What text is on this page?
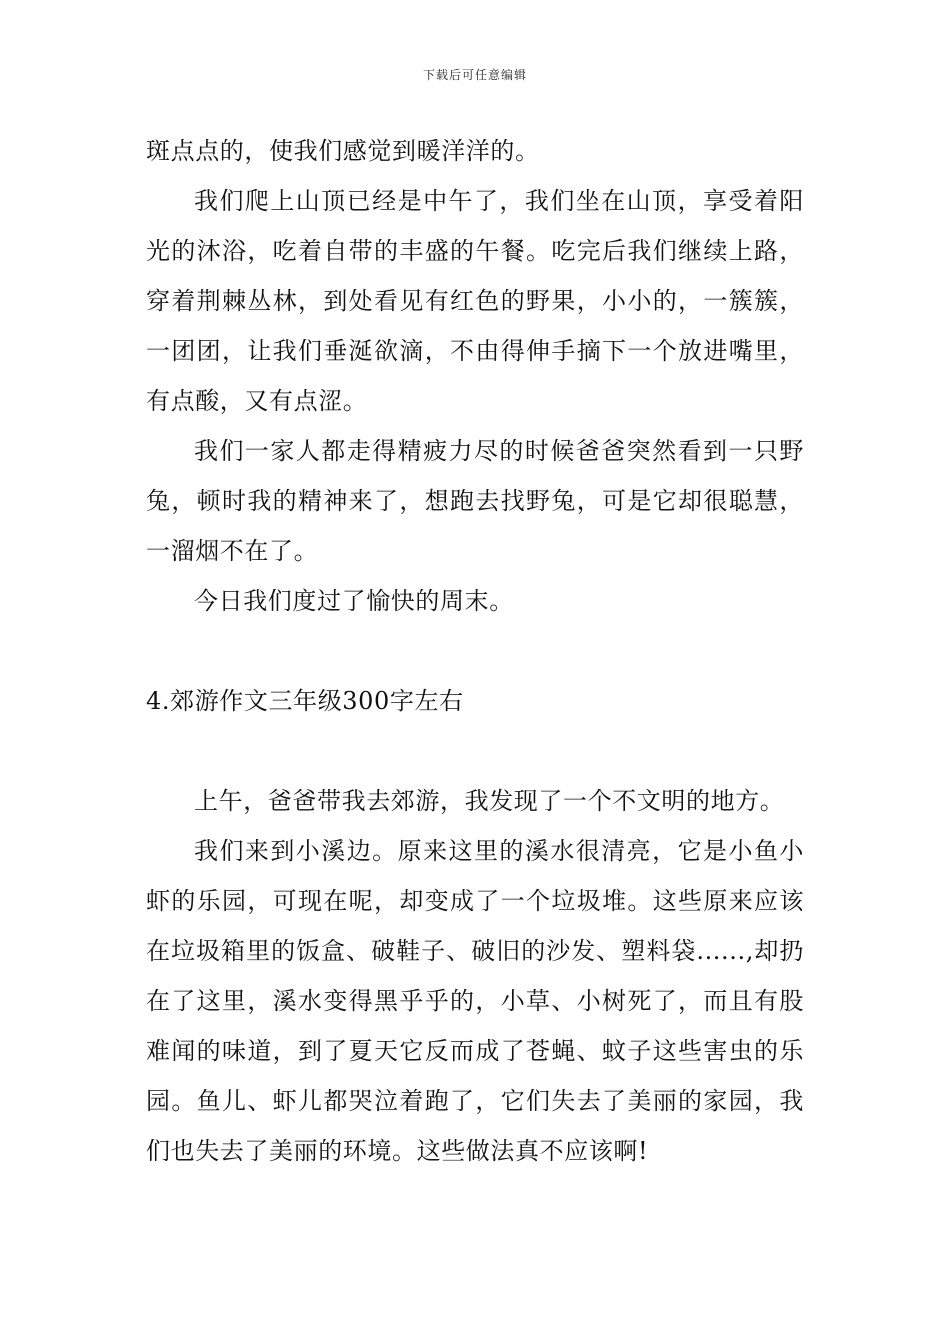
下载后可任意编辑

斑点点的，使我们感觉到暖洋洋的。

我们爬上山顶已经是中午了，我们坐在山顶，享受着阳光的沐浴，吃着自带的丰盛的午餐。吃完后我们继续上路，穿着荆棘丛林，到处看见有红色的野果，小小的，一簇簇，一团团，让我们垂涎欲滴，不由得伸手摘下一个放进嘴里，有点酸，又有点涩。

我们一家人都走得精疲力尽的时候爸爸突然看到一只野兔，顿时我的精神来了，想跑去找野兔，可是它却很聪慧，一溜烟不在了。

今日我们度过了愉快的周末。

4.郊游作文三年级300字左右

上午，爸爸带我去郊游，我发现了一个不文明的地方。

我们来到小溪边。原来这里的溪水很清亮，它是小鱼小虾的乐园，可现在呢，却变成了一个垃圾堆。这些原来应该在垃圾箱里的饭盒、破鞋子、破旧的沙发、塑料袋......,却扔在了这里，溪水变得黑乎乎的，小草、小树死了，而且有股难闻的味道，到了夏天它反而成了苍蝇、蚊子这些害虫的乐园。鱼儿、虾儿都哭泣着跑了，它们失去了美丽的家园，我们也失去了美丽的环境。这些做法真不应该啊!
